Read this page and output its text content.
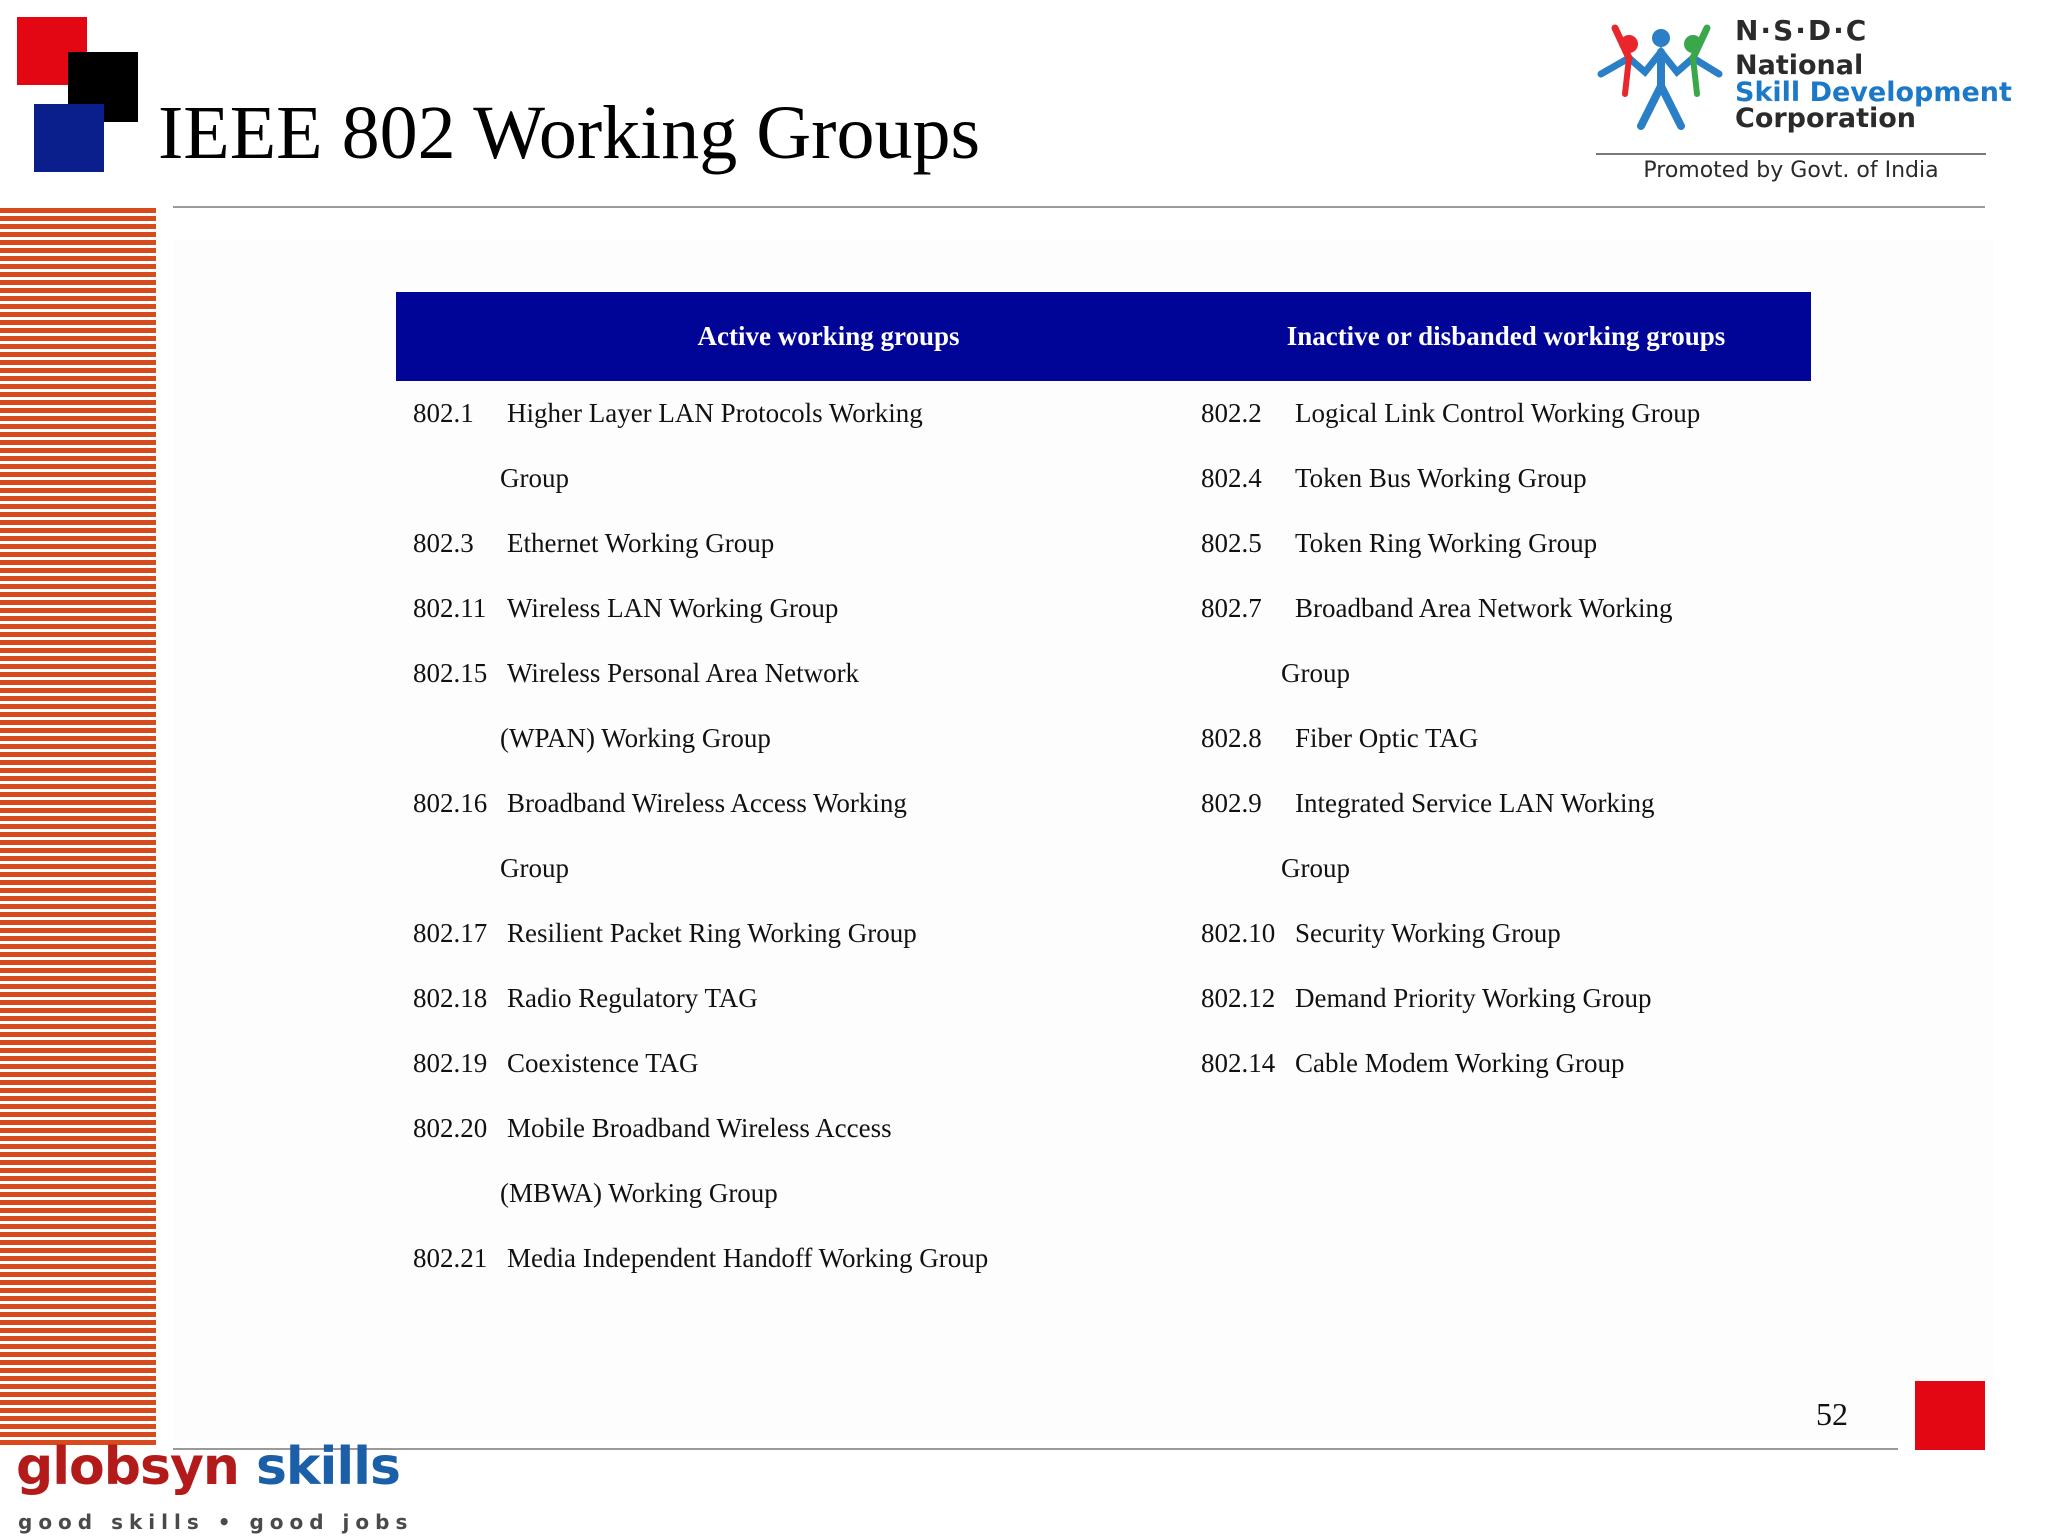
IEEE 802 Working Groups
N·S·D·C
National
Skill Development
Corporation
Promoted by Govt. of India
Active working groups	Inactive or disbanded working groups

802.1 Higher Layer LAN Protocols Working	802.2 Logical Link Control Working Group

Group	802.4 Token Bus Working Group

802.3 Ethernet Working Group	802.5 Token Ring Working Group

802.11 Wireless LAN Working Group	802.7 Broadband Area Network Working

802.15 Wireless Personal Area Network	Group

(WPAN) Working Group	802.8 Fiber Optic TAG

802.16 Broadband Wireless Access Working	802.9 Integrated Service LAN Working

Group	Group

802.17 Resilient Packet Ring Working Group	802.10 Security Working Group

802.18 Radio Regulatory TAG	802.12 Demand Priority Working Group

802.19 Coexistence TAG	802.14 Cable Modem Working Group

802.20 Mobile Broadband Wireless Access	

(MBWA) Working Group	

802.21 Media Independent Handoff Working Group	

52
globsyn skills
good skills • good jobs
